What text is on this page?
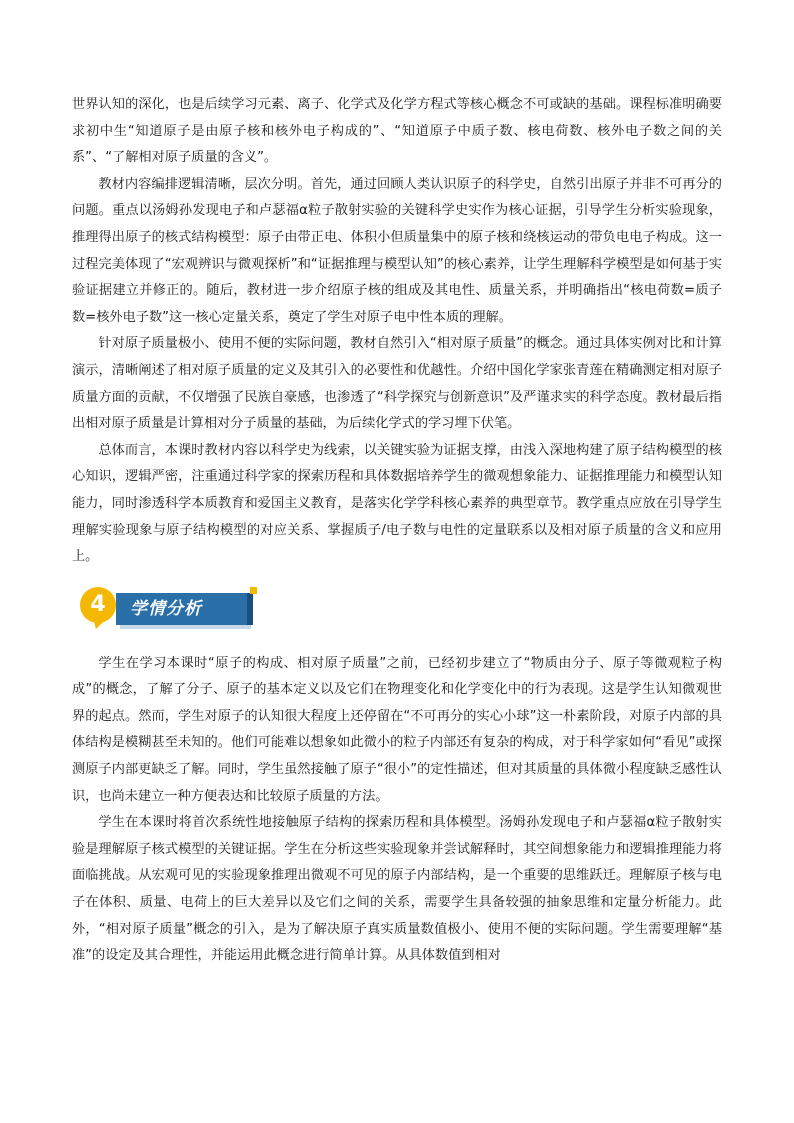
世界认知的深化，也是后续学习元素、离子、化学式及化学方程式等核心概念不可或缺的基础。课程标准明确要求初中生“知道原子是由原子核和核外电子构成的”、“知道原子中质子数、核电荷数、核外电子数之间的关系”、“了解相对原子质量的含义”。

教材内容编排逻辑清晰，层次分明。首先，通过回顾人类认识原子的科学史，自然引出原子并非不可再分的问题。重点以汤姆孙发现电子和卢瑟福α粒子散射实验的关键科学史实作为核心证据，引导学生分析实验现象，推理得出原子的核式结构模型：原子由带正电、体积小但质量集中的原子核和绕核运动的带负电电子构成。这一过程完美体现了“宏观辨识与微观探析”和“证据推理与模型认知”的核心素养，让学生理解科学模型是如何基于实验证据建立并修正的。随后，教材进一步介绍原子核的组成及其电性、质量关系，并明确指出“核电荷数=质子数=核外电子数”这一核心定量关系，奠定了学生对原子电中性本质的理解。

针对原子质量极小、使用不便的实际问题，教材自然引入“相对原子质量”的概念。通过具体实例对比和计算演示，清晰阐述了相对原子质量的定义及其引入的必要性和优越性。介绍中国化学家张青莲在精确测定相对原子质量方面的贡献，不仅增强了民族自豪感，也渗透了“科学探究与创新意识”及严谨求实的科学态度。教材最后指出相对原子质量是计算相对分子质量的基础，为后续化学式的学习埋下伏笔。

总体而言，本课时教材内容以科学史为线索，以关键实验为证据支撑，由浅入深地构建了原子结构模型的核心知识，逻辑严密，注重通过科学家的探索历程和具体数据培养学生的微观想象能力、证据推理能力和模型认知能力，同时渗透科学本质教育和爱国主义教育，是落实化学学科核心素养的典型章节。教学重点应放在引导学生理解实验现象与原子结构模型的对应关系、掌握质子/电子数与电性的定量联系以及相对原子质量的含义和应用上。

4	学情分析

学生在学习本课时“原子的构成、相对原子质量”之前，已经初步建立了“物质由分子、原子等微观粒子构成”的概念，了解了分子、原子的基本定义以及它们在物理变化和化学变化中的行为表现。这是学生认知微观世界的起点。然而，学生对原子的认知很大程度上还停留在“不可再分的实心小球”这一朴素阶段，对原子内部的具体结构是模糊甚至未知的。他们可能难以想象如此微小的粒子内部还有复杂的构成，对于科学家如何“看见”或探测原子内部更缺乏了解。同时，学生虽然接触了原子“很小”的定性描述，但对其质量的具体微小程度缺乏感性认识，也尚未建立一种方便表达和比较原子质量的方法。

学生在本课时将首次系统性地接触原子结构的探索历程和具体模型。汤姆孙发现电子和卢瑟福α粒子散射实验是理解原子核式模型的关键证据。学生在分析这些实验现象并尝试解释时，其空间想象能力和逻辑推理能力将面临挑战。从宏观可见的实验现象推理出微观不可见的原子内部结构，是一个重要的思维跃迁。理解原子核与电子在体积、质量、电荷上的巨大差异以及它们之间的关系，需要学生具备较强的抽象思维和定量分析能力。此外，“相对原子质量”概念的引入，是为了解决原子真实质量数值极小、使用不便的实际问题。学生需要理解“基准”的设定及其合理性，并能运用此概念进行简单计算。从具体数值到相对
